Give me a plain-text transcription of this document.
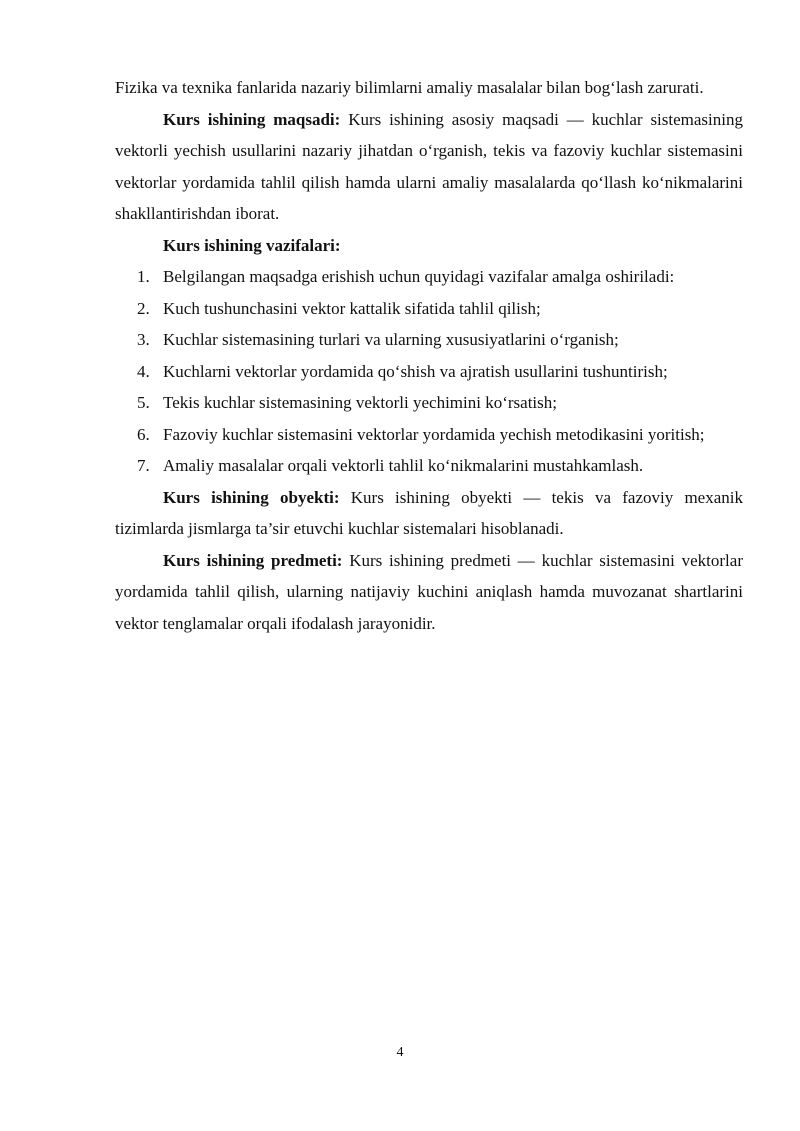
Fizika va texnika fanlarida nazariy bilimlarni amaliy masalalar bilan bog‘lash zarurati.

Kurs ishining maqsadi: Kurs ishining asosiy maqsadi — kuchlar sistemasining vektorli yechish usullarini nazariy jihatdan o‘rganish, tekis va fazoviy kuchlar sistemasini vektorlar yordamida tahlil qilish hamda ularni amaliy masalalarda qo‘llash ko‘nikmalarini shakllantirishdan iborat.

Kurs ishining vazifalari:

1. Belgilangan maqsadga erishish uchun quyidagi vazifalar amalga oshiriladi:
2. Kuch tushunchasini vektor kattalik sifatida tahlil qilish;
3. Kuchlar sistemasining turlari va ularning xususiyatlarini o‘rganish;
4. Kuchlarni vektorlar yordamida qo‘shish va ajratish usullarini tushuntirish;
5. Tekis kuchlar sistemasining vektorli yechimini ko‘rsatish;
6. Fazoviy kuchlar sistemasini vektorlar yordamida yechish metodikasini yoritish;
7. Amaliy masalalar orqali vektorli tahlil ko‘nikmalarini mustahkamlash.

Kurs ishining obyekti: Kurs ishining obyekti — tekis va fazoviy mexanik tizimlarda jismlarga ta’sir etuvchi kuchlar sistemalari hisoblanadi.

Kurs ishining predmeti: Kurs ishining predmeti — kuchlar sistemasini vektorlar yordamida tahlil qilish, ularning natijaviy kuchini aniqlash hamda muvozanat shartlarini vektor tenglamalar orqali ifodalash jarayonidir.

4
